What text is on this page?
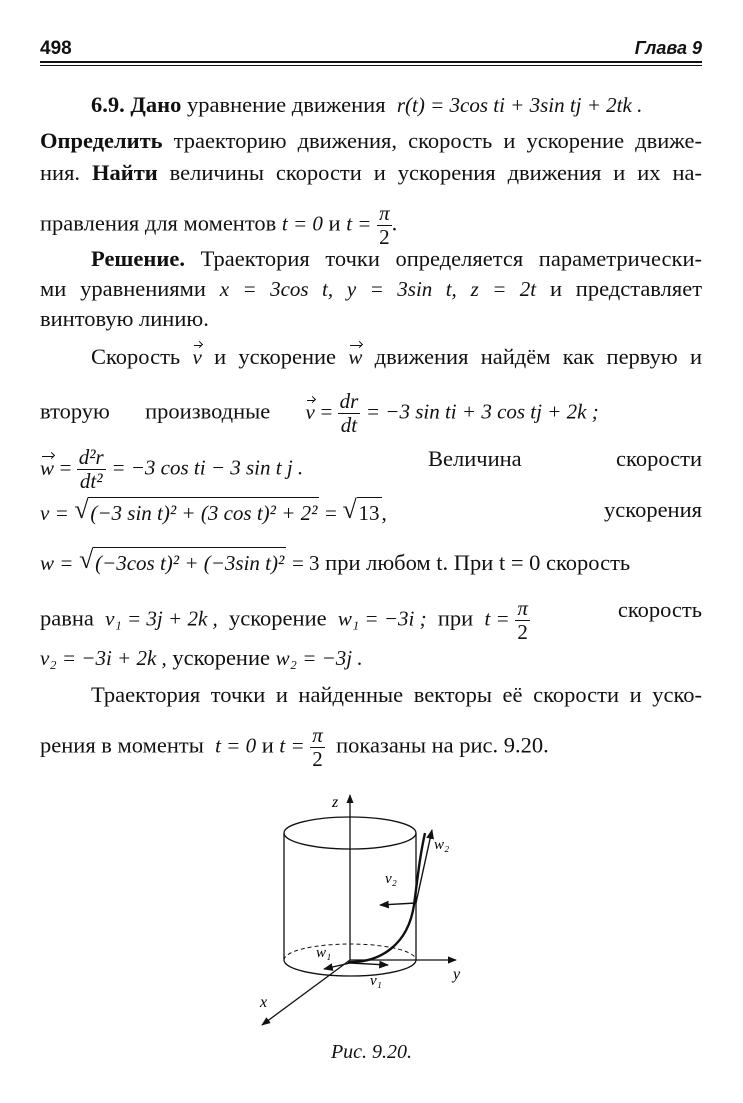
498	Глава 9
6.9. Дано уравнение движения r(t) = 3cos ti + 3sin tj + 2tk .
Определить траекторию движения, скорость и ускорение движе-
ния. Найти величины скорости и ускорения движения и их на-
правления для моментов t = 0 и $t = \frac{\pi}{2}$ .
Решение. Траектория точки определяется параметрически-
ми уравнениями x = 3cos t, y = 3sin t, z = 2t и представляет
винтовую линию.
Скорость v и ускорение w движения найдём как первую и
вторую производные $v = \frac{dr}{dt} = -3$ sin ti + 3 cos tj + 2k ;
$w = \frac{\text{d²r}}{\text{dt²}} = -3$ cos ti − 3 sin t j .	Величина	скорости
v = √ (−3 sin t)² + (3 cos t)² + 2² = √ 13,	ускорения
w = √ (−3cos t)² + (−3sin t)² = 3 при любом t. При t = 0 скорость
равна v₁ = 3j + 2k , ускорение w₁ = −3i ; при $t = \frac{\pi}{2}$	скорость
v₂ = −3i + 2k , ускорение w₂ = −3j .
Траектория точки и найденные векторы её скорости и уско-
рения в моменты t = 0 и $t = \frac{\pi}{2}$ показаны на рис. 9.20.
z
y
x
w₂
v₂
w₁
v₁
Рис. 9.20.
